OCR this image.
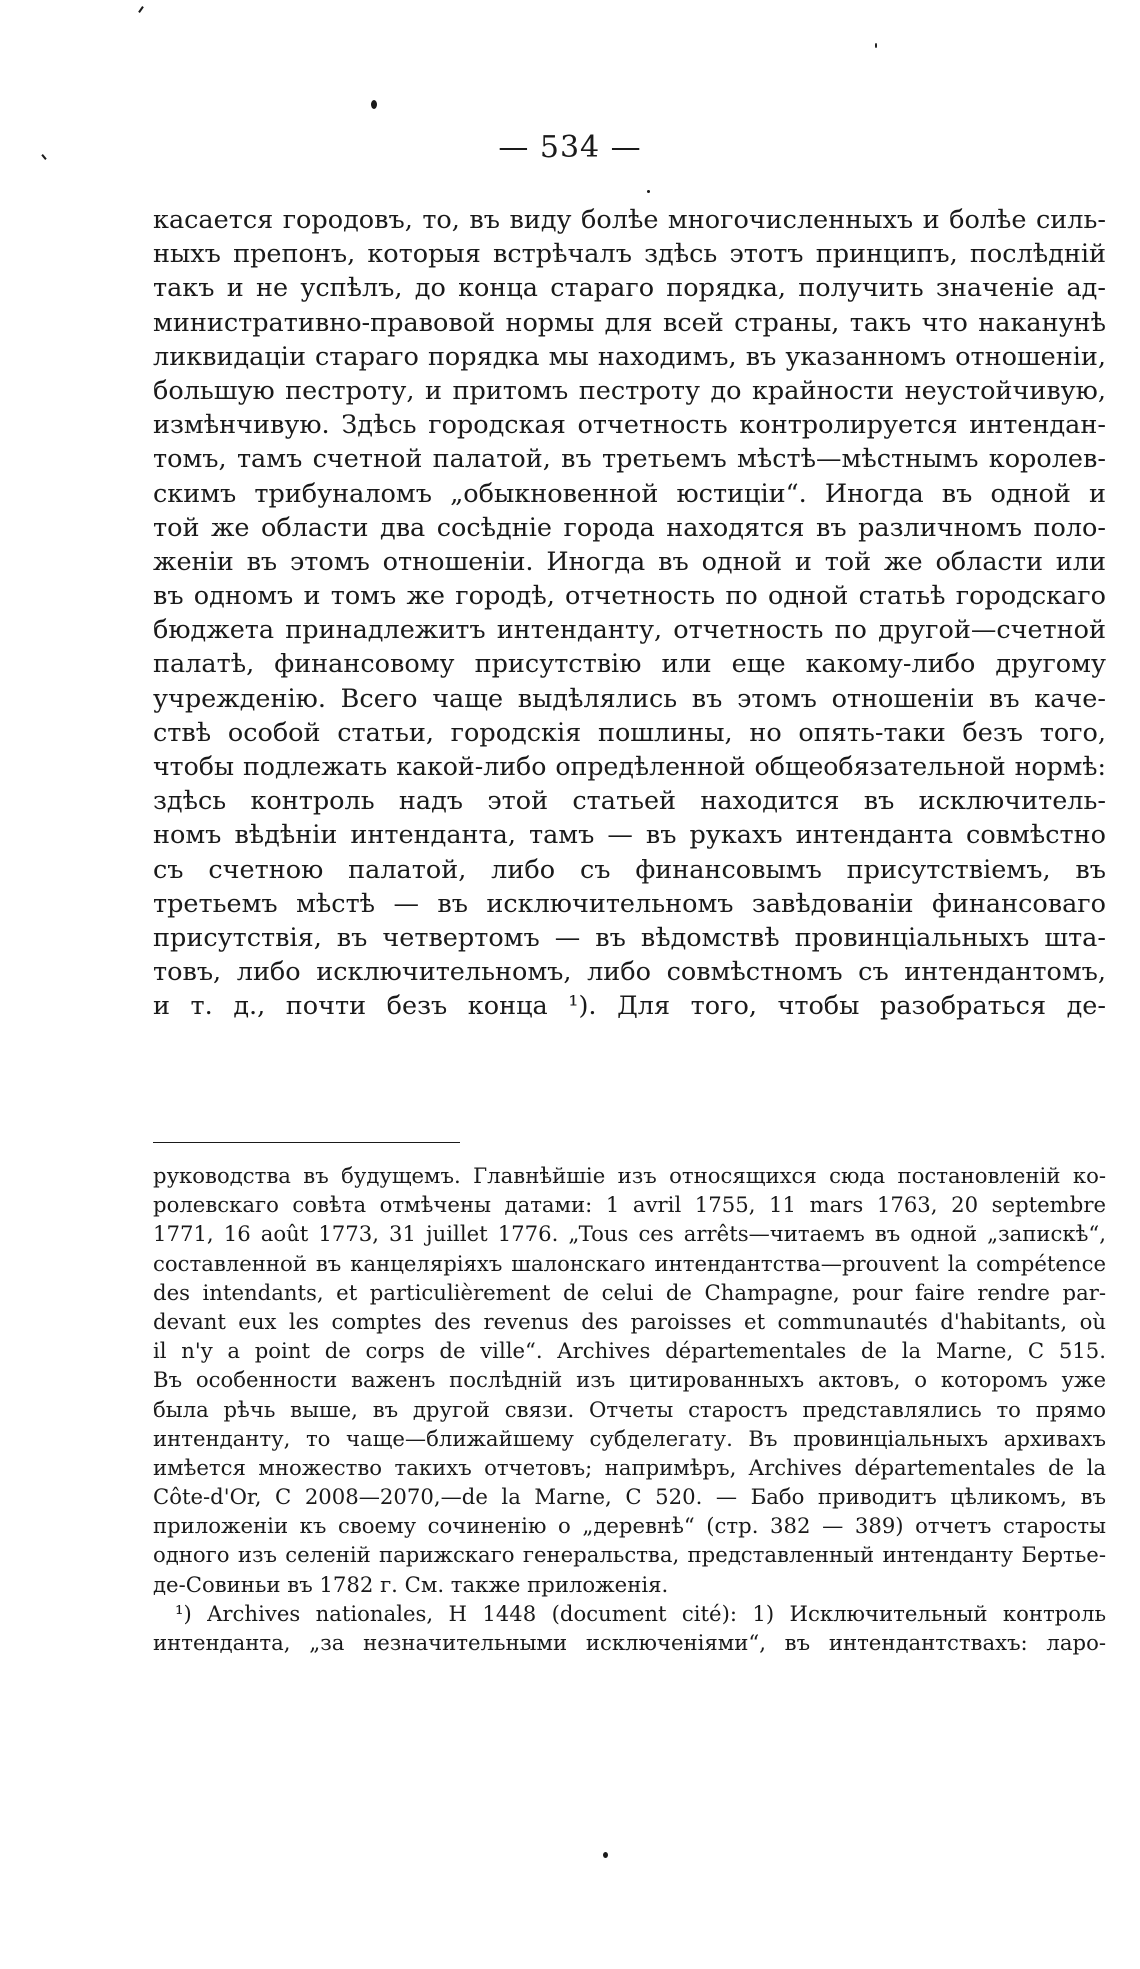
— 534 —
касается городовъ, то, въ виду болѣе многочисленныхъ и болѣе силь-
ныхъ препонъ, которыя встрѣчалъ здѣсь этотъ принципъ, послѣдній
такъ и не успѣлъ, до конца стараго порядка, получить значеніе ад-
министративно-правовой нормы для всей страны, такъ что наканунѣ
ликвидаціи стараго порядка мы находимъ, въ указанномъ отношеніи,
большую пестроту, и притомъ пестроту до крайности неустойчивую,
измѣнчивую. Здѣсь городская отчетность контролируется интендан-
томъ, тамъ счетной палатой, въ третьемъ мѣстѣ—мѣстнымъ королев-
скимъ трибуналомъ „обыкновенной юстиціи“. Иногда въ одной и
той же области два сосѣдніе города находятся въ различномъ поло-
женіи въ этомъ отношеніи. Иногда въ одной и той же области или
въ одномъ и томъ же городѣ, отчетность по одной статьѣ городскаго
бюджета принадлежитъ интенданту, отчетность по другой—счетной
палатѣ, финансовому присутствію или еще какому-либо другому
учрежденію. Всего чаще выдѣлялись въ этомъ отношеніи въ каче-
ствѣ особой статьи, городскія пошлины, но опять-таки безъ того,
чтобы подлежать какой-либо опредѣленной общеобязательной нормѣ:
здѣсь контроль надъ этой статьей находится въ исключитель-
номъ вѣдѣніи интенданта, тамъ — въ рукахъ интенданта совмѣстно
съ счетною палатой, либо съ финансовымъ присутствіемъ, въ
третьемъ мѣстѣ — въ исключительномъ завѣдованіи финансоваго
присутствія, въ четвертомъ — въ вѣдомствѣ провинціальныхъ шта-
товъ, либо исключительномъ, либо совмѣстномъ съ интендантомъ,
и т. д., почти безъ конца ¹). Для того, чтобы разобраться де-
руководства въ будущемъ. Главнѣйшіе изъ относящихся сюда постановленій ко-
ролевскаго совѣта отмѣчены датами: 1 avril 1755, 11 mars 1763, 20 septembre
1771, 16 août 1773, 31 juillet 1776. „Tous ces arrêts—читаемъ въ одной „запискѣ“,
составленной въ канцеляріяхъ шалонскаго интендантства—prouvent la compétence
des intendants, et particulièrement de celui de Champagne, pour faire rendre par-
devant eux les comptes des revenus des paroisses et communautés d'habitants, où
il n'y a point de corps de ville“. Archives départementales de la Marne, C 515.
Въ особенности важенъ послѣдній изъ цитированныхъ актовъ, о которомъ уже
была рѣчь выше, въ другой связи. Отчеты старостъ представлялись то прямо
интенданту, то чаще—ближайшему субделегату. Въ провинціальныхъ архивахъ
имѣется множество такихъ отчетовъ; напримѣръ, Archives départementales de la
Côte-d'Or, C 2008—2070,—de la Marne, C 520. — Бабо приводитъ цѣликомъ, въ
приложеніи къ своему сочиненію о „деревнѣ“ (стр. 382 — 389) отчетъ старосты
одного изъ селеній парижскаго генеральства, представленный интенданту Бертье-
де-Совиньи въ 1782 г. См. также приложенія.
¹) Archives nationales, H 1448 (document cité): 1) Исключительный контроль
интенданта, „за незначительными исключеніями“, въ интендантствахъ: ларо-
